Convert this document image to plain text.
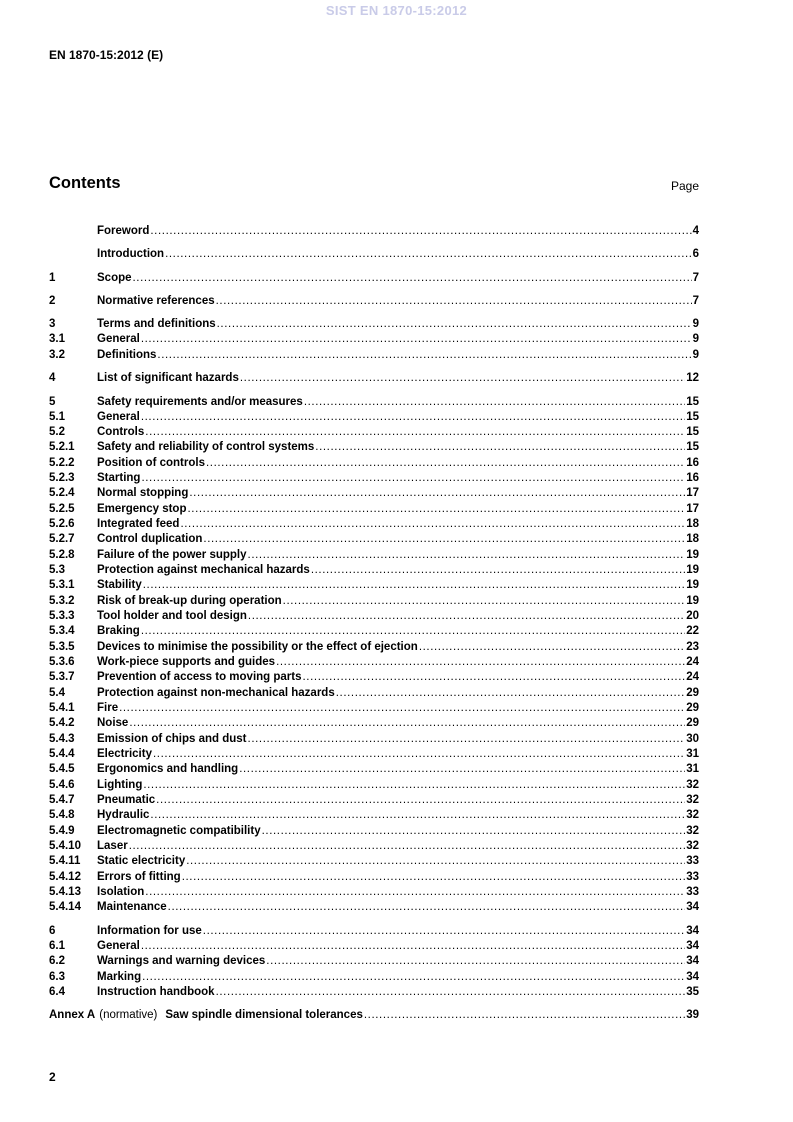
SIST EN 1870-15:2012
EN 1870-15:2012 (E)
Contents	Page
Foreword .....	4
Introduction .....	6
1	Scope .....	7
2	Normative references .....	7
3	Terms and definitions .....	9
3.1	General .....	9
3.2	Definitions .....	9
4	List of significant hazards .....	12
5	Safety requirements and/or measures .....	15
5.1	General .....	15
5.2	Controls .....	15
5.2.1	Safety and reliability of control systems .....	15
5.2.2	Position of controls .....	16
5.2.3	Starting .....	16
5.2.4	Normal stopping .....	17
5.2.5	Emergency stop .....	17
5.2.6	Integrated feed .....	18
5.2.7	Control duplication .....	18
5.2.8	Failure of the power supply .....	19
5.3	Protection against mechanical hazards .....	19
5.3.1	Stability .....	19
5.3.2	Risk of break-up during operation .....	19
5.3.3	Tool holder and tool design .....	20
5.3.4	Braking .....	22
5.3.5	Devices to minimise the possibility or the effect of ejection .....	23
5.3.6	Work-piece supports and guides .....	24
5.3.7	Prevention of access to moving parts .....	24
5.4	Protection against non-mechanical hazards .....	29
5.4.1	Fire .....	29
5.4.2	Noise .....	29
5.4.3	Emission of chips and dust .....	30
5.4.4	Electricity .....	31
5.4.5	Ergonomics and handling .....	31
5.4.6	Lighting .....	32
5.4.7	Pneumatic .....	32
5.4.8	Hydraulic .....	32
5.4.9	Electromagnetic compatibility .....	32
5.4.10	Laser .....	32
5.4.11	Static electricity .....	33
5.4.12	Errors of fitting .....	33
5.4.13	Isolation .....	33
5.4.14	Maintenance .....	34
6	Information for use .....	34
6.1	General .....	34
6.2	Warnings and warning devices .....	34
6.3	Marking .....	34
6.4	Instruction handbook .....	35
Annex A (normative) Saw spindle dimensional tolerances .....	39
2
